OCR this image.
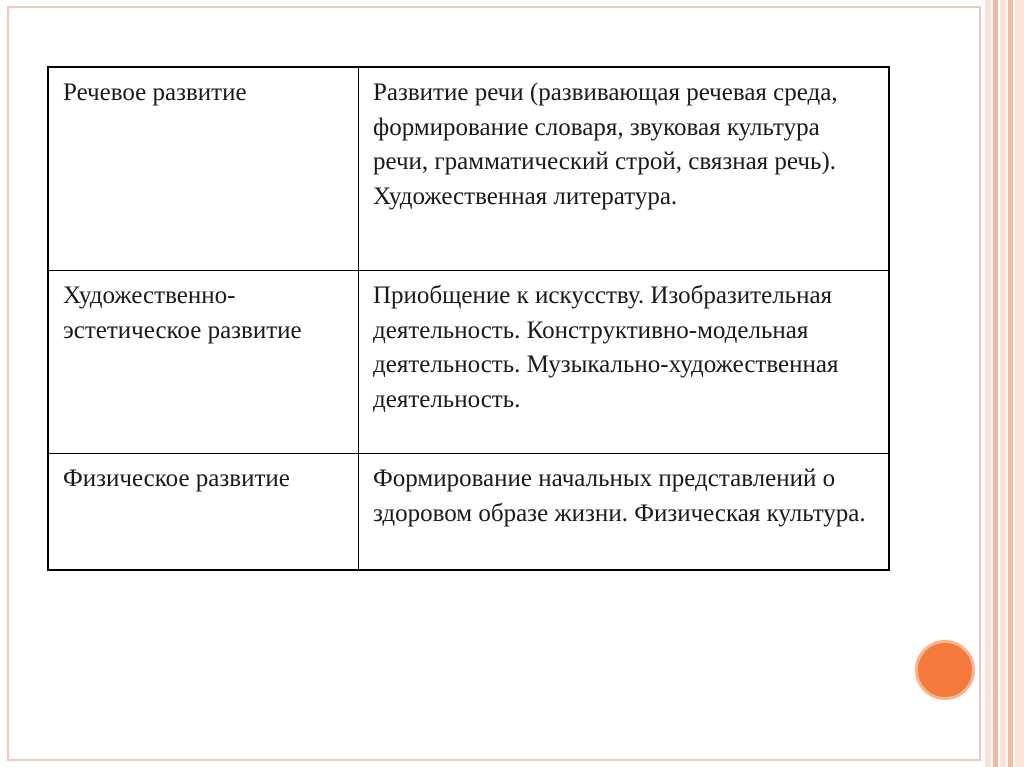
Речевое развитие	Развитие речи (развивающая речевая среда, формирование словаря, звуковая культура речи, грамматический строй, связная речь). Художественная литература.
Художественно-эстетическое развитие	Приобщение к искусству. Изобразительная деятельность. Конструктивно-модельная деятельность. Музыкально-художественная деятельность.
Физическое развитие	Формирование начальных представлений о здоровом образе жизни. Физическая культура.
